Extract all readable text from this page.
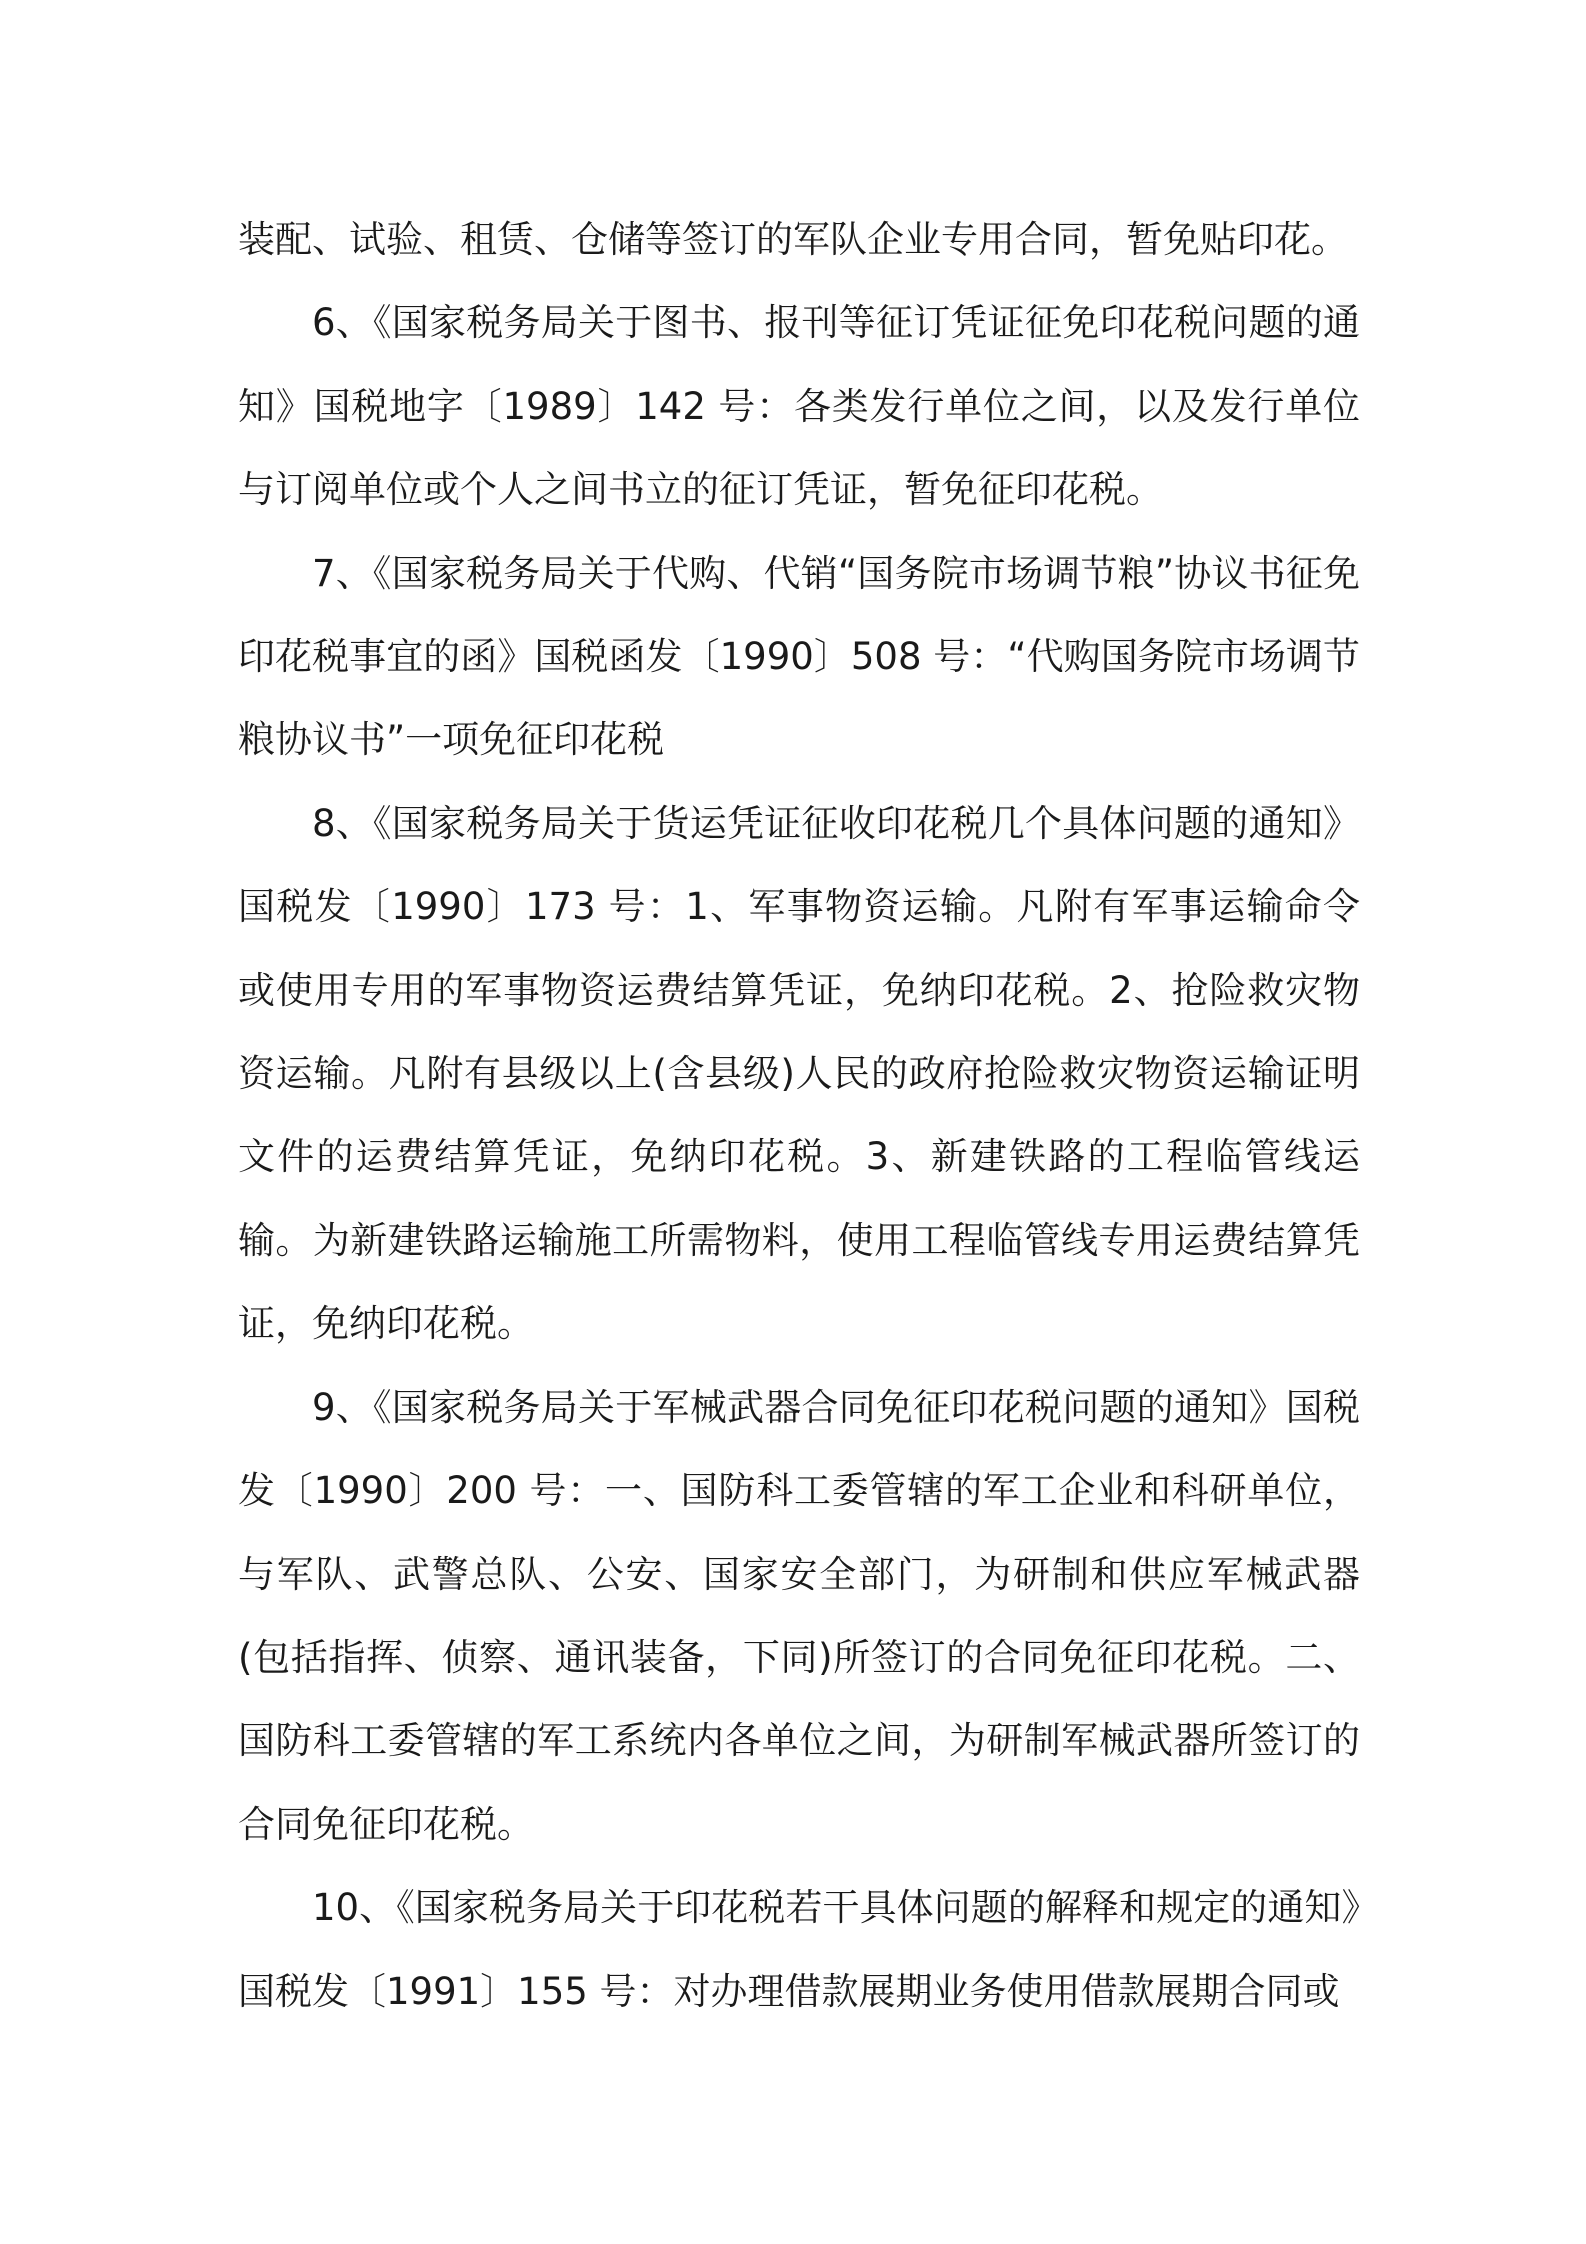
装配、试验、租赁、仓储等签订的军队企业专用合同，暂免贴印花。

6、《国家税务局关于图书、报刊等征订凭证征免印花税问题的通知》国税地字〔1989〕142 号：各类发行单位之间，以及发行单位与订阅单位或个人之间书立的征订凭证，暂免征印花税。

7、《国家税务局关于代购、代销“国务院市场调节粮”协议书征免印花税事宜的函》国税函发〔1990〕508 号：“代购国务院市场调节粮协议书”一项免征印花税

8、《国家税务局关于货运凭证征收印花税几个具体问题的通知》国税发〔1990〕173 号：1、军事物资运输。凡附有军事运输命令或使用专用的军事物资运费结算凭证，免纳印花税。2、抢险救灾物资运输。凡附有县级以上(含县级)人民的政府抢险救灾物资运输证明文件的运费结算凭证，免纳印花税。3、新建铁路的工程临管线运输。为新建铁路运输施工所需物料，使用工程临管线专用运费结算凭证，免纳印花税。

9、《国家税务局关于军械武器合同免征印花税问题的通知》国税发〔1990〕200 号：一、国防科工委管辖的军工企业和科研单位，与军队、武警总队、公安、国家安全部门，为研制和供应军械武器(包括指挥、侦察、通讯装备，下同)所签订的合同免征印花税。二、国防科工委管辖的军工系统内各单位之间，为研制军械武器所签订的合同免征印花税。

10、《国家税务局关于印花税若干具体问题的解释和规定的通知》国税发〔1991〕155 号：对办理借款展期业务使用借款展期合同或
